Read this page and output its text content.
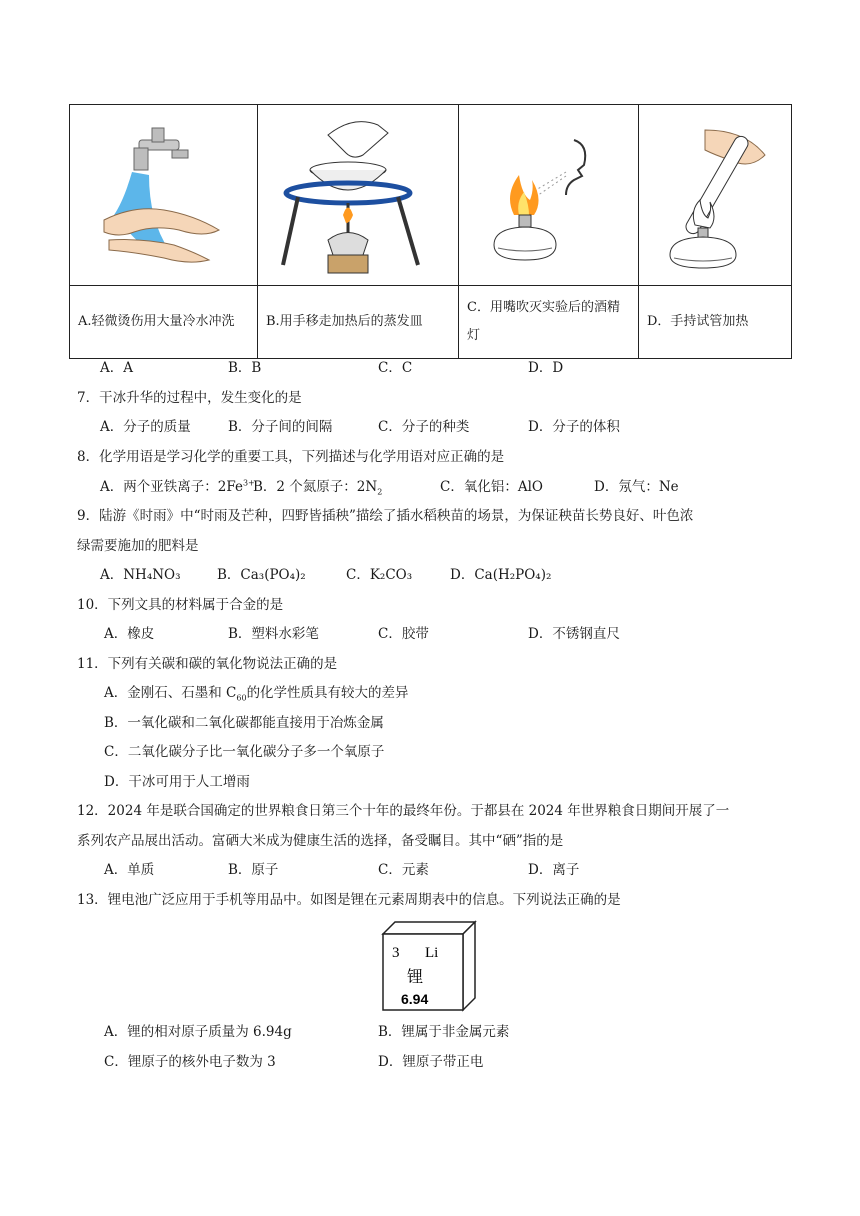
A.轻微烫伤用大量冷水冲洗	B.用手移走加热后的蒸发皿	C．用嘴吹灭实验后的酒精灯	D．手持试管加热
A．A	B．B	C．C	D．D
7．干冰升华的过程中，发生变化的是
A．分子的质量	B．分子间的间隔	C．分子的种类	D．分子的体积
8．化学用语是学习化学的重要工具，下列描述与化学用语对应正确的是
A．两个亚铁离子：$2Fe^{3+}$
B．2 个氮原子：$2N_2$	C．氧化铝：AlO	D．氖气：Ne
9．陆游《时雨》中“时雨及芒种，四野皆插秧”描绘了插水稻秧苗的场景，为保证秧苗长势良好、叶色浓
绿需要施加的肥料是
A．NH₄NO₃	B．Ca₃(PO₄)₂	C．K₂CO₃	D．Ca(H₂PO₄)₂
10．下列文具的材料属于合金的是
A．橡皮	B．塑料水彩笔	C．胶带	D．不锈钢直尺
11．下列有关碳和碳的氧化物说法正确的是
A．金刚石、石墨和 $C_{60}$的化学性质具有较大的差异
B．一氧化碳和二氧化碳都能直接用于冶炼金属
C．二氧化碳分子比一氧化碳分子多一个氧原子
D．干冰可用于人工增雨
12．2024 年是联合国确定的世界粮食日第三个十年的最终年份。于都县在 2024 年世界粮食日期间开展了一
系列农产品展出活动。富硒大米成为健康生活的选择，备受瞩目。其中“硒”指的是
A．单质	B．原子	C．元素	D．离子
13．锂电池广泛应用于手机等用品中。如图是锂在元素周期表中的信息。下列说法正确的是
3 Li
锂
6.94
A．锂的相对原子质量为 6.94g	B．锂属于非金属元素
C．锂原子的核外电子数为 3	D．锂原子带正电
